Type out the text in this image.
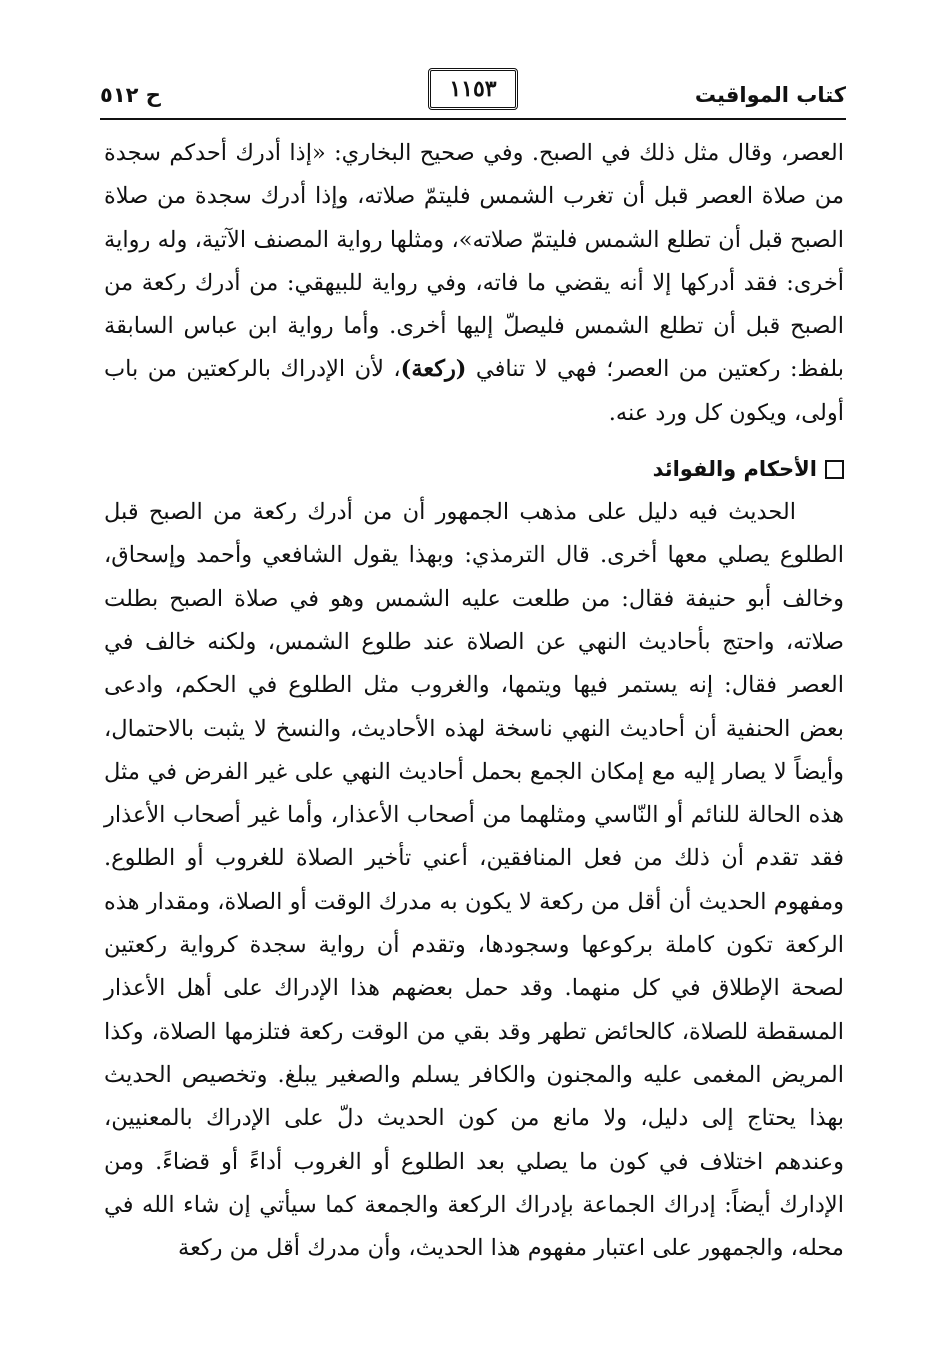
كتاب المواقيت
١١٥٣
ح ٥١٢

العصر، وقال مثل ذلك في الصبح. وفي صحيح البخاري: «إذا أدرك أحدكم سجدة من صلاة العصر قبل أن تغرب الشمس فليتمّ صلاته، وإذا أدرك سجدة من صلاة الصبح قبل أن تطلع الشمس فليتمّ صلاته»، ومثلها رواية المصنف الآتية، وله رواية أخرى: فقد أدركها إلا أنه يقضي ما فاته، وفي رواية للبيهقي: من أدرك ركعة من الصبح قبل أن تطلع الشمس فليصلّ إليها أخرى. وأما رواية ابن عباس السابقة بلفظ: ركعتين من العصر؛ فهي لا تنافي (ركعة)، لأن الإدراك بالركعتين من باب أولى، ويكون كل ورد عنه.

الأحكام والفوائد

الحديث فيه دليل على مذهب الجمهور أن من أدرك ركعة من الصبح قبل الطلوع يصلي معها أخرى. قال الترمذي: وبهذا يقول الشافعي وأحمد وإسحاق، وخالف أبو حنيفة فقال: من طلعت عليه الشمس وهو في صلاة الصبح بطلت صلاته، واحتج بأحاديث النهي عن الصلاة عند طلوع الشمس، ولكنه خالف في العصر فقال: إنه يستمر فيها ويتمها، والغروب مثل الطلوع في الحكم، وادعى بعض الحنفية أن أحاديث النهي ناسخة لهذه الأحاديث، والنسخ لا يثبت بالاحتمال، وأيضاً لا يصار إليه مع إمكان الجمع بحمل أحاديث النهي على غير الفرض في مثل هذه الحالة للنائم أو النّاسي ومثلهما من أصحاب الأعذار، وأما غير أصحاب الأعذار فقد تقدم أن ذلك من فعل المنافقين، أعني تأخير الصلاة للغروب أو الطلوع. ومفهوم الحديث أن أقل من ركعة لا يكون به مدرك الوقت أو الصلاة، ومقدار هذه الركعة تكون كاملة بركوعها وسجودها، وتقدم أن رواية سجدة كرواية ركعتين لصحة الإطلاق في كل منهما. وقد حمل بعضهم هذا الإدراك على أهل الأعذار المسقطة للصلاة، كالحائض تطهر وقد بقي من الوقت ركعة فتلزمها الصلاة، وكذا المريض المغمى عليه والمجنون والكافر يسلم والصغير يبلغ. وتخصيص الحديث بهذا يحتاج إلى دليل، ولا مانع من كون الحديث دلّ على الإدراك بالمعنيين، وعندهم اختلاف في كون ما يصلي بعد الطلوع أو الغروب أداءً أو قضاءً. ومن الإدارك أيضاً: إدراك الجماعة بإدراك الركعة والجمعة كما سيأتي إن شاء الله في محله، والجمهور على اعتبار مفهوم هذا الحديث، وأن مدرك أقل من ركعة
